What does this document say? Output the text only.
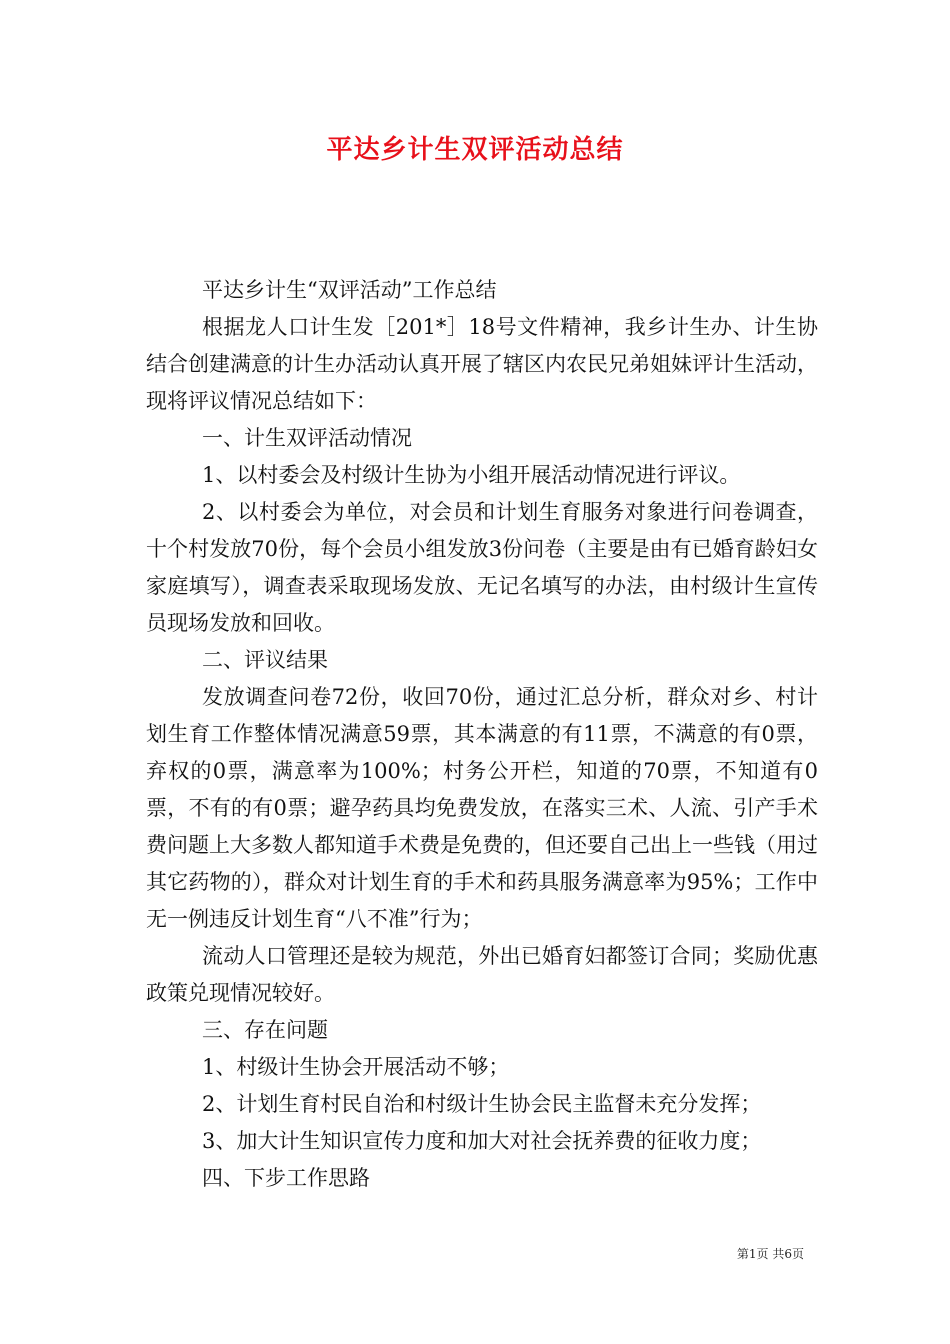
平达乡计生双评活动总结

平达乡计生“双评活动”工作总结

根据龙人口计生发［201*］18号文件精神，我乡计生办、计生协结合创建满意的计生办活动认真开展了辖区内农民兄弟姐妹评计生活动，现将评议情况总结如下：

一、计生双评活动情况

1、以村委会及村级计生协为小组开展活动情况进行评议。

2、以村委会为单位，对会员和计划生育服务对象进行问卷调查，十个村发放70份，每个会员小组发放3份问卷（主要是由有已婚育龄妇女家庭填写），调查表采取现场发放、无记名填写的办法，由村级计生宣传员现场发放和回收。

二、评议结果

发放调查问卷72份，收回70份，通过汇总分析，群众对乡、村计划生育工作整体情况满意59票，其本满意的有11票，不满意的有0票，弃权的0票，满意率为100%；村务公开栏，知道的70票，不知道有0票，不有的有0票；避孕药具均免费发放，在落实三术、人流、引产手术费问题上大多数人都知道手术费是免费的，但还要自己出上一些钱（用过其它药物的），群众对计划生育的手术和药具服务满意率为95%；工作中无一例违反计划生育“八不准”行为；

流动人口管理还是较为规范，外出已婚育妇都签订合同；奖励优惠政策兑现情况较好。

三、存在问题

1、村级计生协会开展活动不够；

2、计划生育村民自治和村级计生协会民主监督未充分发挥；

3、加大计生知识宣传力度和加大对社会抚养费的征收力度；

四、下步工作思路

第1页 共6页
